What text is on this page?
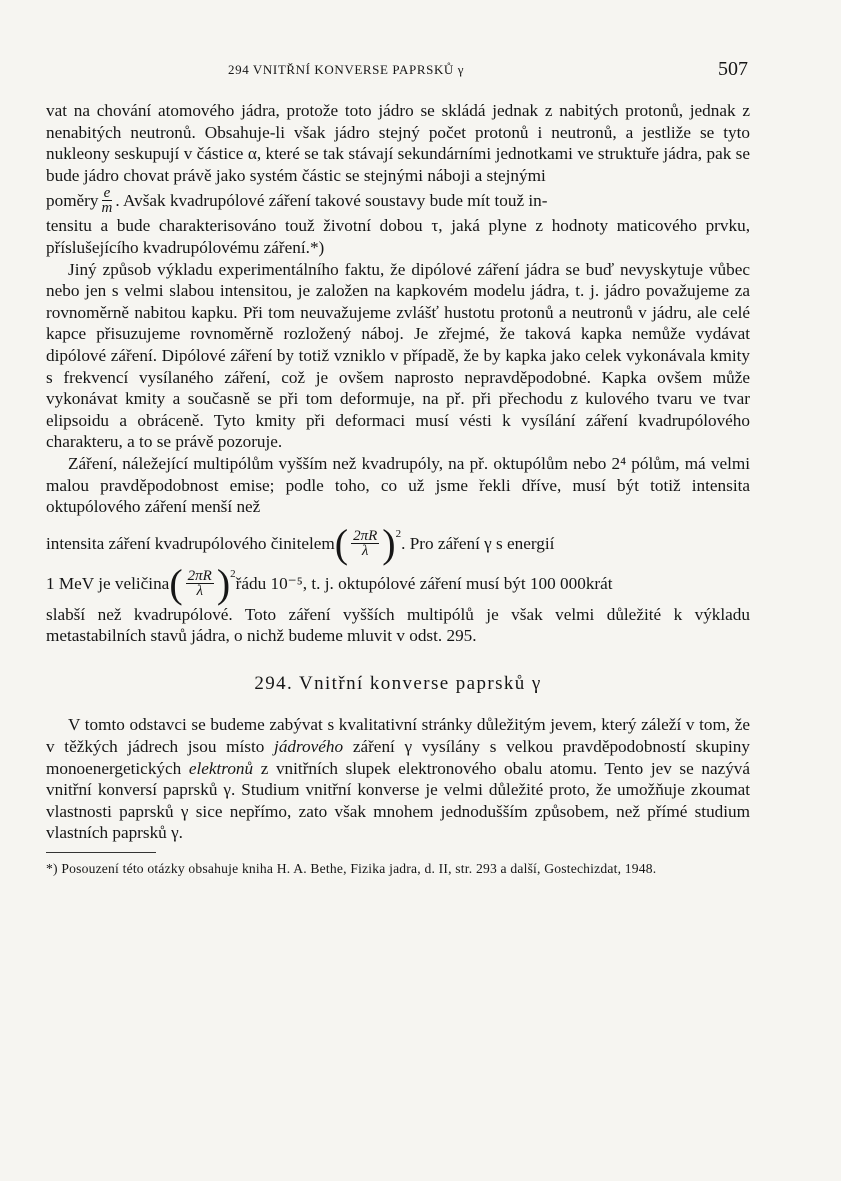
294 VNITŘNÍ KONVERSE PAPRSKŮ γ	507

vat na chování atomového jádra, protože toto jádro se skládá jednak z nabitých protonů, jednak z nenabitých neutronů. Obsahuje-li však jádro stejný počet protonů i neutronů, a jestliže se tyto nukleony seskupují v částice α, které se tak stávají sekundárními jednotkami ve struktuře jádra, pak se bude jádro chovat právě jako systém částic se stejnými náboji a stejnými

poměry $\frac{e}{m}$ . Avšak kvadrupólové záření takové soustavy bude mít touž in-

tensitu a bude charakterisováno touž životní dobou τ, jaká plyne z hodnoty maticového prvku, příslušejícího kvadrupólovému záření.*)

Jiný způsob výkladu experimentálního faktu, že dipólové záření jádra se buď nevyskytuje vůbec nebo jen s velmi slabou intensitou, je založen na kapkovém modelu jádra, t. j. jádro považujeme za rovnoměrně nabitou kapku. Při tom neuvažujeme zvlášť hustotu protonů a neutronů v jádru, ale celé kapce přisuzujeme rovnoměrně rozložený náboj. Je zřejmé, že taková kapka nemůže vydávat dipólové záření. Dipólové záření by totiž vzniklo v případě, že by kapka jako celek vykonávala kmity s frekvencí vysílaného záření, což je ovšem naprosto nepravděpodobné. Kapka ovšem může vykonávat kmity a současně se při tom deformuje, na př. při přechodu z kulového tvaru ve tvar elipsoidu a obráceně. Tyto kmity při deformaci musí vésti k vysílání záření kvadrupólového charakteru, a to se právě pozoruje.

Záření, náležející multipólům vyšším než kvadrupóly, na př. oktupólům nebo 2⁴ pólům, má velmi malou pravděpodobnost emise; podle toho, co už jsme řekli dříve, musí být totiž intensita oktupólového záření menší než

intensita záření kvadrupólového činitelem ( $\frac{2\pi R}{\lambda} )^2$
. Pro záření γ s energií

1 MeV je veličina ( $\frac{2\pi R}{\lambda} )^2$
řádu 10⁻⁵, t. j. oktupólové záření musí být 100 000krát

slabší než kvadrupólové. Toto záření vyšších multipólů je však velmi důležité k výkladu metastabilních stavů jádra, o nichž budeme mluvit v odst. 295.

294. Vnitřní konverse paprsků γ

V tomto odstavci se budeme zabývat s kvalitativní stránky důležitým jevem, který záleží v tom, že v těžkých jádrech jsou místo jádrového záření γ vysílány s velkou pravděpodobností skupiny monoenergetických elektronů z vnitřních slupek elektronového obalu atomu. Tento jev se nazývá vnitřní konversí paprsků γ. Studium vnitřní konverse je velmi důležité proto, že umožňuje zkoumat vlastnosti paprsků γ sice nepřímo, zato však mnohem jednodušším způsobem, než přímé studium vlastních paprsků γ.

*) Posouzení této otázky obsahuje kniha H. A. Bethe, Fizika jadra, d. II, str. 293 a další, Gostechizdat, 1948.
